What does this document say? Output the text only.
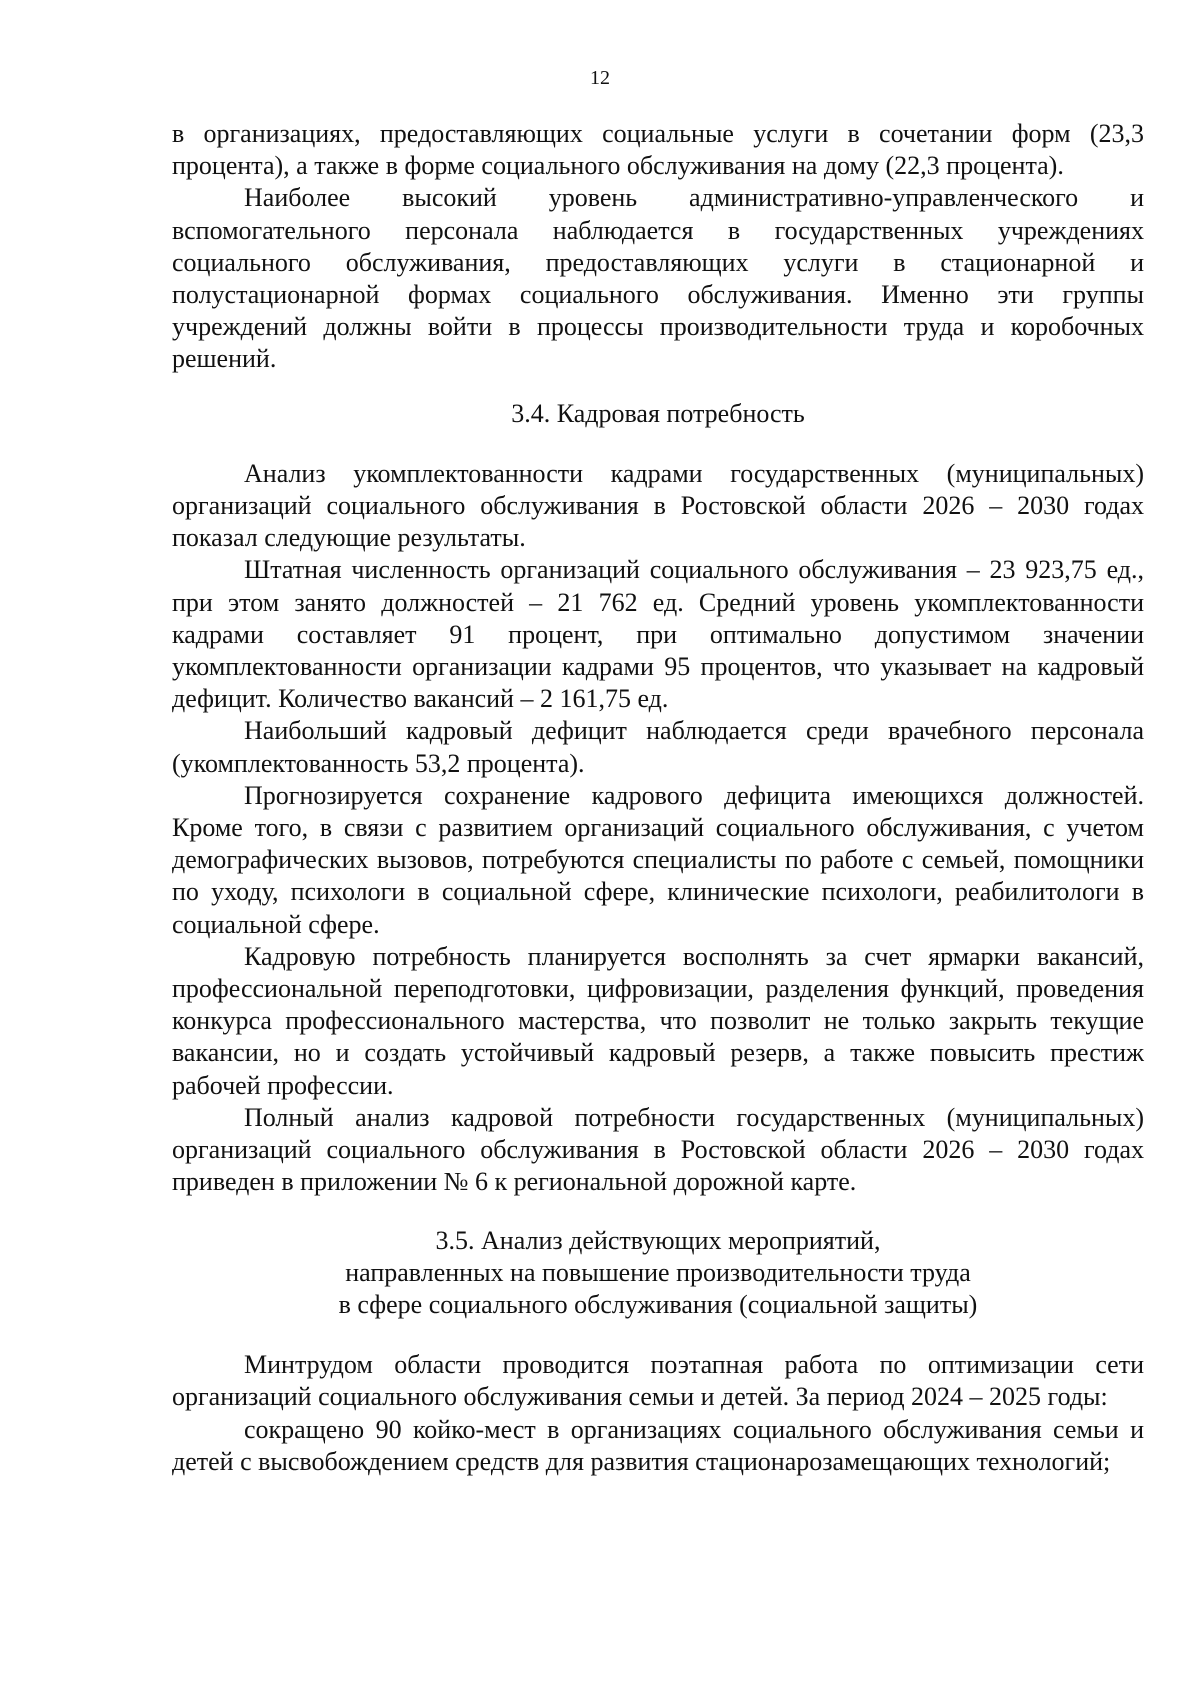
12

в организациях, предоставляющих социальные услуги в сочетании форм (23,3 процента), а также в форме социального обслуживания на дому (22,3 процента).

Наиболее высокий уровень административно-управленческого и вспомогательного персонала наблюдается в государственных учреждениях социального обслуживания, предоставляющих услуги в стационарной и полустационарной формах социального обслуживания. Именно эти группы учреждений должны войти в процессы производительности труда и коробочных решений.

3.4. Кадровая потребность

Анализ укомплектованности кадрами государственных (муниципальных) организаций социального обслуживания в Ростовской области 2026 – 2030 годах показал следующие результаты.

Штатная численность организаций социального обслуживания – 23 923,75 ед., при этом занято должностей – 21 762 ед. Средний уровень укомплектованности кадрами составляет 91 процент, при оптимально допустимом значении укомплектованности организации кадрами 95 процентов, что указывает на кадровый дефицит. Количество вакансий – 2 161,75 ед.

Наибольший кадровый дефицит наблюдается среди врачебного персонала (укомплектованность 53,2 процента).

Прогнозируется сохранение кадрового дефицита имеющихся должностей. Кроме того, в связи с развитием организаций социального обслуживания, с учетом демографических вызовов, потребуются специалисты по работе с семьей, помощники по уходу, психологи в социальной сфере, клинические психологи, реабилитологи в социальной сфере.

Кадровую потребность планируется восполнять за счет ярмарки вакансий, профессиональной переподготовки, цифровизации, разделения функций, проведения конкурса профессионального мастерства, что позволит не только закрыть текущие вакансии, но и создать устойчивый кадровый резерв, а также повысить престиж рабочей профессии.

Полный анализ кадровой потребности государственных (муниципальных) организаций социального обслуживания в Ростовской области 2026 – 2030 годах приведен в приложении № 6 к региональной дорожной карте.

3.5. Анализ действующих мероприятий,
направленных на повышение производительности труда
в сфере социального обслуживания (социальной защиты)

Минтрудом области проводится поэтапная работа по оптимизации сети организаций социального обслуживания семьи и детей. За период 2024 – 2025 годы:

сокращено 90 койко-мест в организациях социального обслуживания семьи и детей с высвобождением средств для развития стационарозамещающих технологий;
